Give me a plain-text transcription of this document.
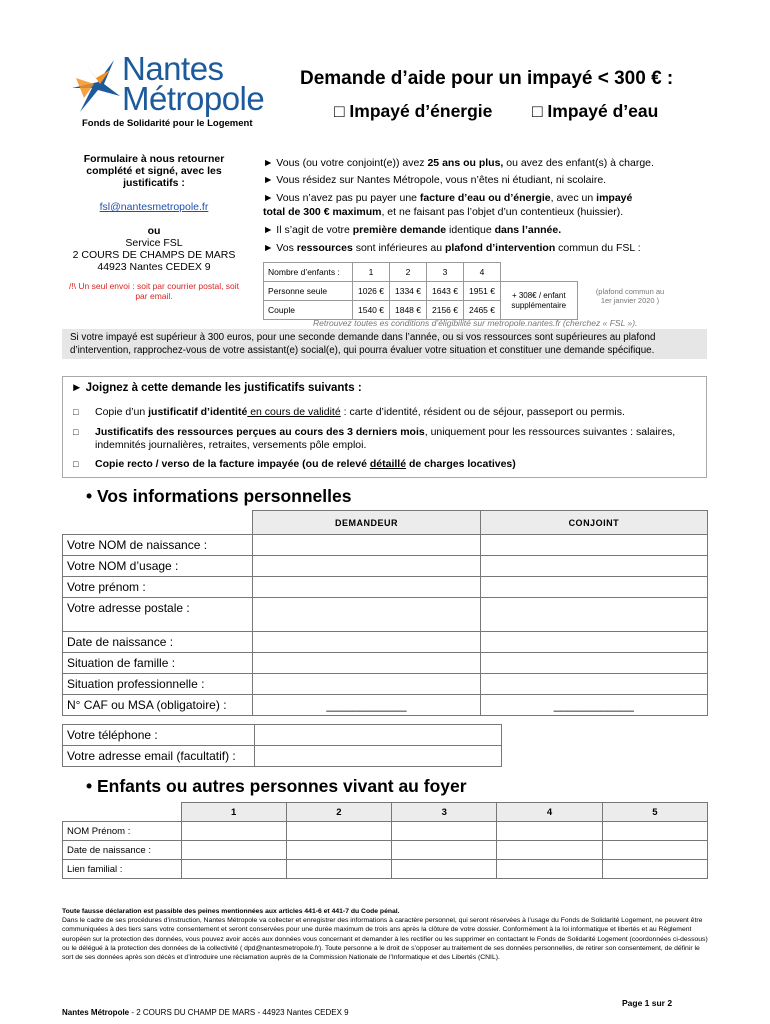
Nantes
Métropole
Fonds de Solidarité pour le Logement
Demande d’aide pour un impayé < 300 € :
□ Impayé d’énergie □ Impayé d’eau
Formulaire à nous retourner
complété et signé, avec les
justificatifs :
fsl@nantesmetropole.fr
ou
Service FSL
2 COURS DE CHAMPS DE MARS
44923 Nantes CEDEX 9
/!\ Un seul envoi : soit par courrier postal, soit par email.
► Vous (ou votre conjoint(e)) avez 25 ans ou plus, ou avez des enfant(s) à charge.
► Vous résidez sur Nantes Métropole, vous n’êtes ni étudiant, ni scolaire.
► Vous n’avez pas pu payer une facture d’eau ou d’énergie, avec un impayé
total de 300 € maximum, et ne faisant pas l’objet d’un contentieux (huissier).
► Il s’agit de votre première demande identique dans l’année.
► Vos ressources sont inférieures au plafond d’intervention commun du FSL :
Nombre d’enfants :	1	2	3	4	
Personne seule	1026 €	1334 €	1643 €	1951 €	+ 308€ / enfant supplémentaire
Couple	1540 €	1848 €	2156 €	2465 €	
(plafond commun au 1er janvier 2020 )
Retrouvez toutes es conditions d’éligibilité sur metropole.nantes.fr (cherchez « FSL »).
Si votre impayé est supérieur à 300 euros, pour une seconde demande dans l’année, ou si vos ressources sont supérieures au plafond d’intervention, rapprochez-vous de votre assistant(e) social(e), qui pourra évaluer votre situation et constituer une demande spécifique.
► Joignez à cette demande les justificatifs suivants :
□ Copie d’un justificatif d’identité en cours de validité : carte d’identité, résident ou de séjour, passeport ou permis.
□ Justificatifs des ressources perçues au cours des 3 derniers mois, uniquement pour les ressources suivantes : salaires, indemnités journalières, retraites, versements pôle emploi.
□ Copie recto / verso de la facture impayée (ou de relevé détaillé de charges locatives)
• Vos informations personnelles
	DEMANDEUR	CONJOINT
Votre NOM de naissance :		
Votre NOM d’usage :		
Votre prénom :		
Votre adresse postale :		
Date de naissance :		
Situation de famille :		
Situation professionnelle :		
N° CAF ou MSA (obligatoire) :	____________	____________
Votre téléphone :	
Votre adresse email (facultatif) :	
• Enfants ou autres personnes vivant au foyer
	1	2	3	4	5
NOM Prénom :					
Date de naissance :					
Lien familial :					
Toute fausse déclaration est passible des peines mentionnées aux articles 441-6 et 441-7 du Code pénal.
Dans le cadre de ses procédures d’instruction, Nantes Métropole va collecter et enregistrer des informations à caractère personnel, qui seront réservées à l’usage du Fonds de Solidarité Logement, ne peuvent être communiquées à des tiers sans votre consentement et seront conservées pour une durée maximum de trois ans après la clôture de votre dossier. Conformément à la loi informatique et libertés et au Règlement européen sur la protection des données, vous pouvez avoir accès aux données vous concernant et demander à les rectifier ou les supprimer en contactant le Fonds de Solidarité Logement (coordonnées ci-dessous) ou le délégué à la protection des données de la collectivité ( dpd@nantesmetropole.fr). Toute personne a le droit de s’opposer au traitement de ses données personnelles, de retirer son consentement, de définir le sort de ses données après son décès et d’introduire une réclamation auprès de la Commission Nationale de l’Informatique et des Libertés (CNIL).
Page 1 sur 2
Nantes Métropole - 2 COURS DU CHAMP DE MARS - 44923 Nantes CEDEX 9
